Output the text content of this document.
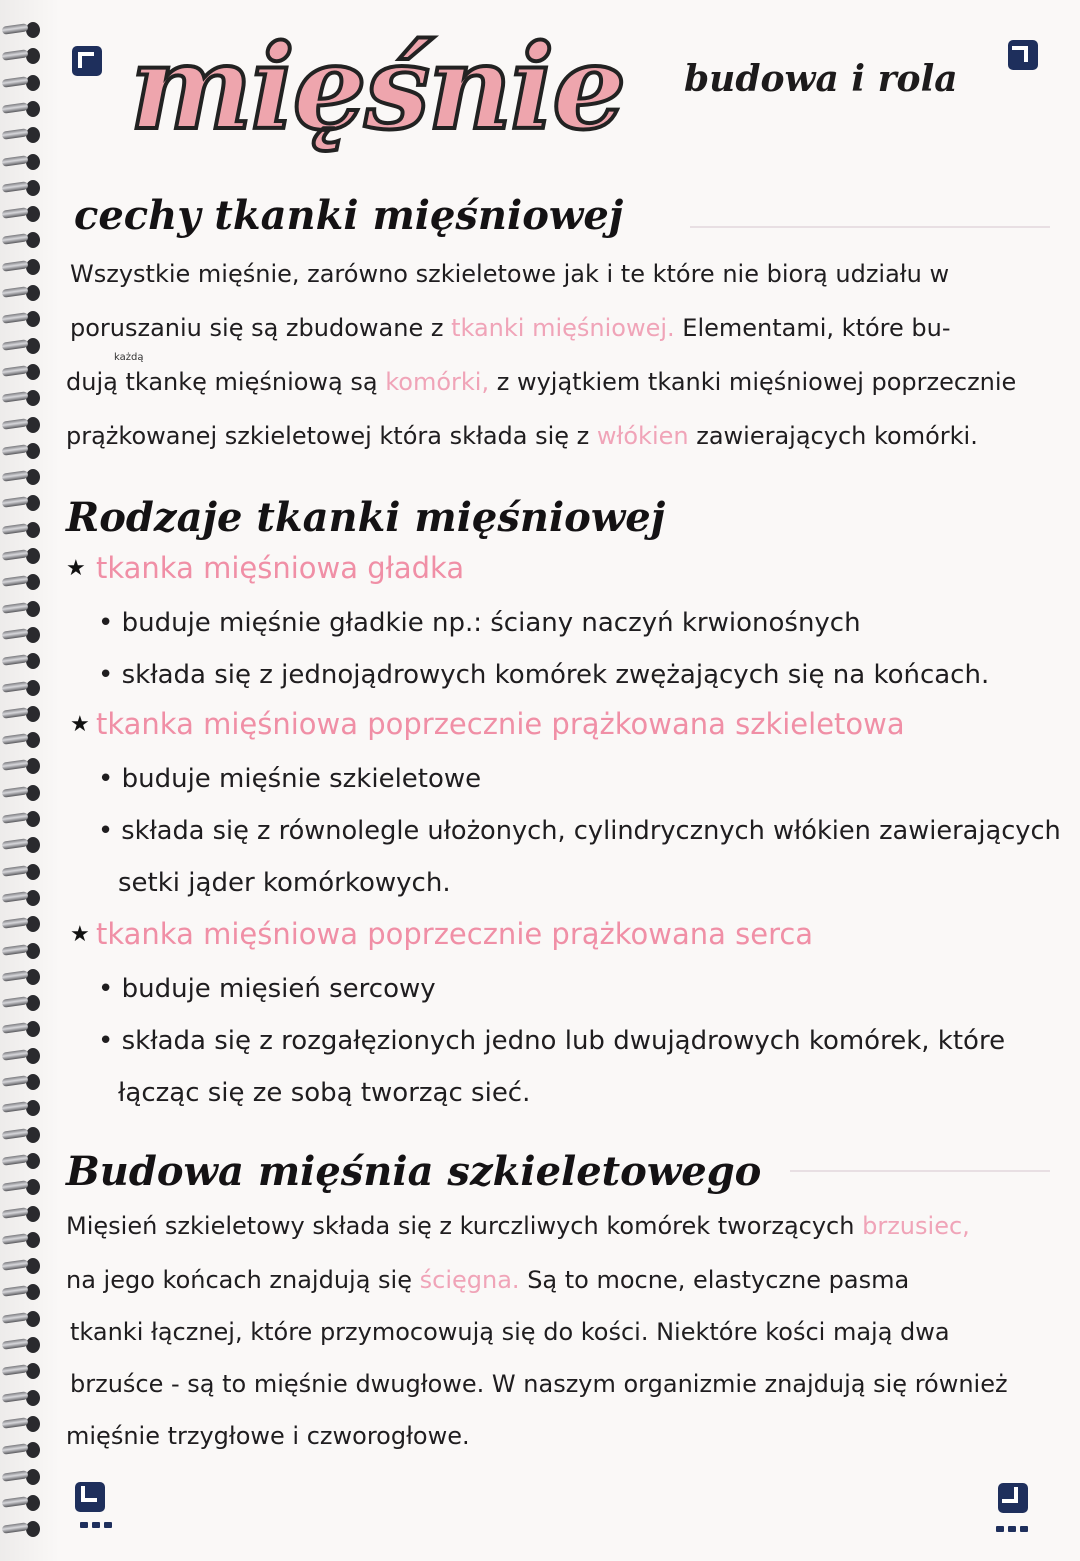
mięśnie budowa i rola
cechy tkanki mięśniowej
Wszystkie mięśnie, zarówno szkieletowe jak i te które nie biorą udziału w
poruszaniu się są zbudowane z tkanki mięśniowej. Elementami, które bu-
każdą
dują tkankę mięśniową są komórki, z wyjątkiem tkanki mięśniowej poprzecznie
prążkowanej szkieletowej która składa się z włókien zawierających komórki.
Rodzaje tkanki mięśniowej
★ tkanka mięśniowa gładka
• buduje mięśnie gładkie np.: ściany naczyń krwionośnych
• składa się z jednojądrowych komórek zwężających się na końcach.
★ tkanka mięśniowa poprzecznie prążkowana szkieletowa
• buduje mięśnie szkieletowe
• składa się z równolegle ułożonych, cylindrycznych włókien zawierających
setki jąder komórkowych.
★ tkanka mięśniowa poprzecznie prążkowana serca
• buduje mięsień sercowy
• składa się z rozgałęzionych jedno lub dwujądrowych komórek, które
łącząc się ze sobą tworząc sieć.
Budowa mięśnia szkieletowego
Mięsień szkieletowy składa się z kurczliwych komórek tworzących brzusiec,
na jego końcach znajdują się ścięgna. Są to mocne, elastyczne pasma
tkanki łącznej, które przymocowują się do kości. Niektóre kości mają dwa
brzuśce - są to mięśnie dwugłowe. W naszym organizmie znajdują się również
mięśnie trzygłowe i czworogłowe.
